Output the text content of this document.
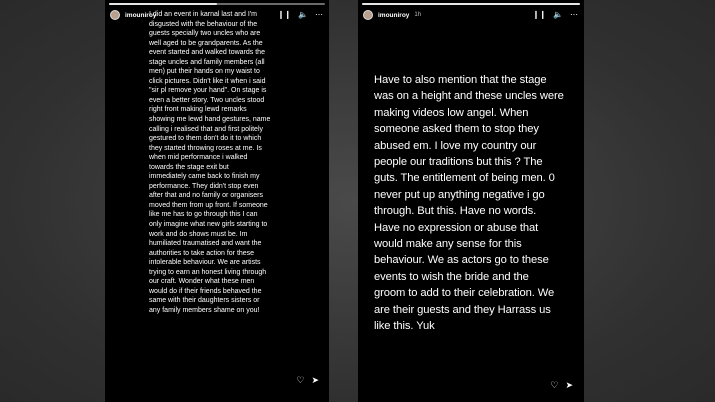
imouniroy	❙❙ 🔈 ⋯
I did an event in karnal last and I'm
disgusted with the behaviour of the
guests specially two uncles who are
well aged to be grandparents. As the
event started and walked towards the
stage uncles and family members (all
men) put their hands on my waist to
click pictures. Didn't like it when i said
"sir pl remove your hand". On stage is
even a better story. Two uncles stood
right front making lewd remarks
showing me lewd hand gestures, name
calling i realised that and first politely
gestured to them don't do it to which
they started throwing roses at me. Is
when mid performance i walked
towards the stage exit but
immediately came back to finish my
performance. They didn't stop even
after that and no family or organisers
moved them from up front. If someone
like me has to go through this I can
only imagine what new girls starting to
work and do shows must be. Im
humiliated traumatised and want the
authorities to take action for these
intolerable behaviour. We are artists
trying to earn an honest living through
our craft. Wonder what these men
would do if their friends behaved the
same with their daughters sisters or
any family members shame on you!
♡ ➤
imouniroy 1h	❙❙ 🔈 ⋯
Have to also mention that the stage
was on a height and these uncles were
making videos low angel. When
someone asked them to stop they
abused em. I love my country our
people our traditions but this ? The
guts. The entitlement of being men. 0
never put up anything negative i go
through. But this. Have no words.
Have no expression or abuse that
would make any sense for this
behaviour. We as actors go to these
events to wish the bride and the
groom to add to their celebration. We
are their guests and they Harrass us
like this. Yuk
♡ ➤
